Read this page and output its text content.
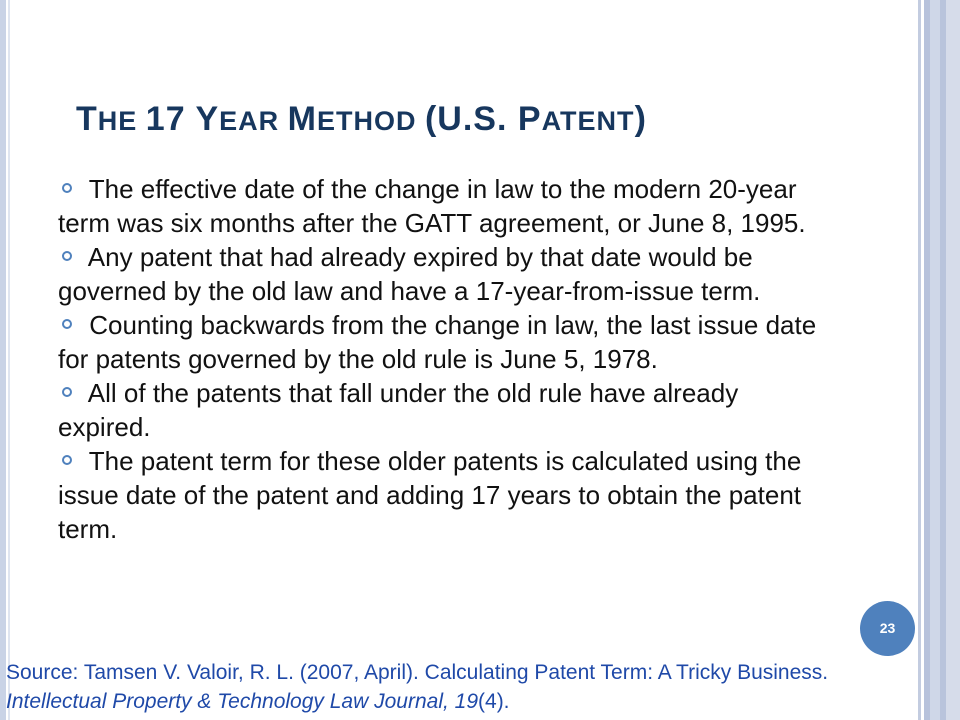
THE 17 YEAR METHOD (U.S. PATENT)
The effective date of the change in law to the modern 20-year term was six months after the GATT agreement, or June 8, 1995.
Any patent that had already expired by that date would be governed by the old law and have a 17-year-from-issue term.
Counting backwards from the change in law, the last issue date for patents governed by the old rule is June 5, 1978.
All of the patents that fall under the old rule have already expired.
The patent term for these older patents is calculated using the issue date of the patent and adding 17 years to obtain the patent term.
23
Source: Tamsen V. Valoir, R. L. (2007, April). Calculating Patent Term: A Tricky Business. Intellectual Property & Technology Law Journal, 19(4).
